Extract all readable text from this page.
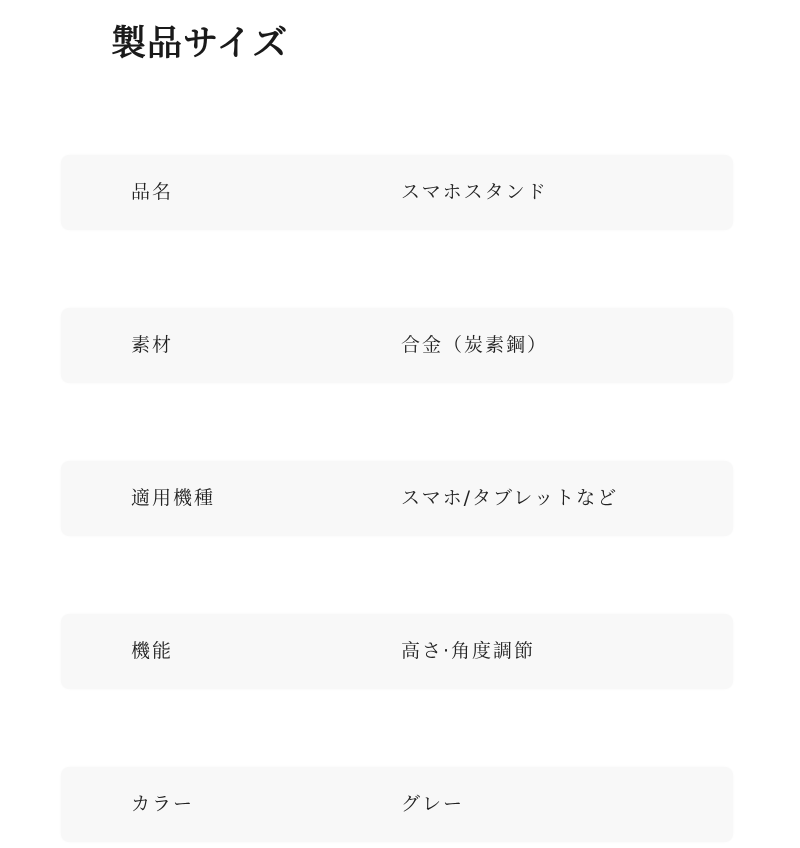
製品サイズ
品名	スマホスタンド
素材	合金（炭素鋼）
適用機種	スマホ/タブレットなど
機能	高さ·角度調節
カラー	グレー
